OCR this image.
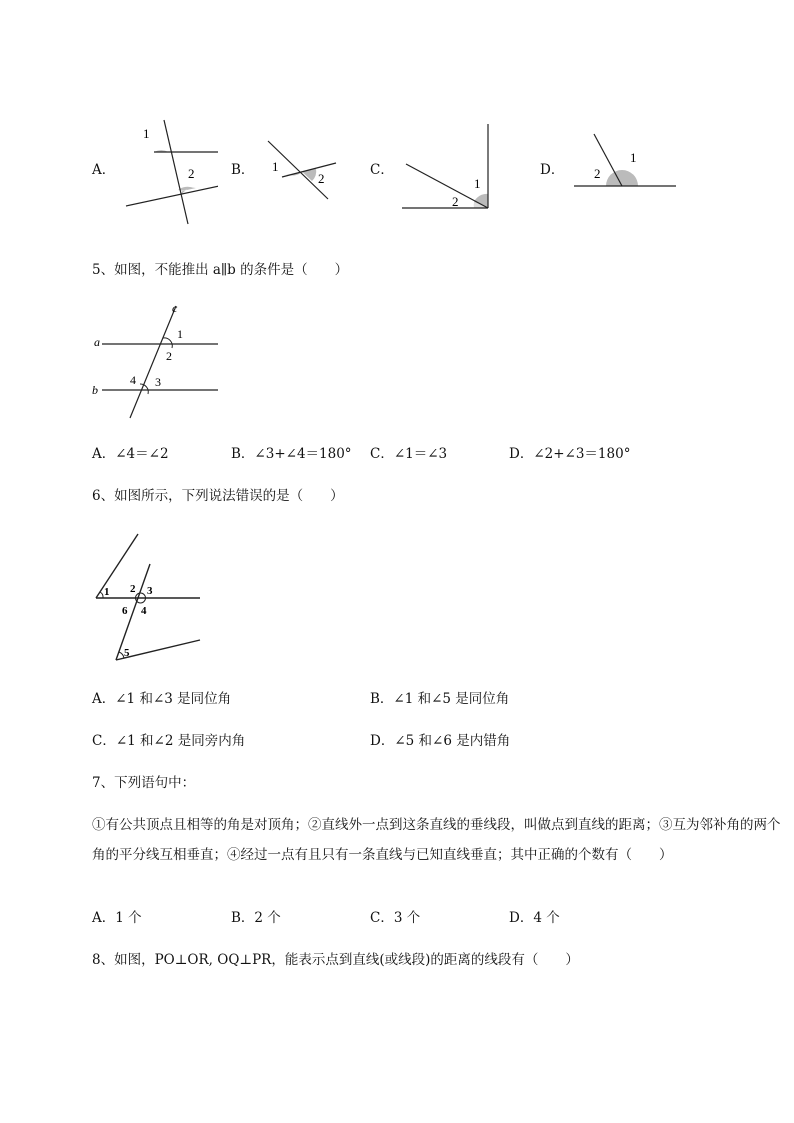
A．
1
2	B． 1
2
C．
1
2
D．
1
2
5、如图，不能推出 a∥b 的条件是（　　）
c
a
b
1
2
3
4
A．∠4＝∠2	B．∠3+∠4＝180° C．∠1＝∠3	D．∠2+∠3＝180°
6、如图所示，下列说法错误的是（　　）
1 2 3
4
6
5
A．∠1 和∠3 是同位角	B．∠1 和∠5 是同位角
C．∠1 和∠2 是同旁内角	D．∠5 和∠6 是内错角
7、下列语句中：
①有公共顶点且相等的角是对顶角；②直线外一点到这条直线的垂线段，叫做点到直线的距离；③互为邻补角的两个角的平分线互相垂直；④经过一点有且只有一条直线与已知直线垂直；其中正确的个数有（　　）
A．1 个	B．2 个	C．3 个	D．4 个
8、如图，PO⊥OR, OQ⊥PR，能表示点到直线(或线段)的距离的线段有（　　）
